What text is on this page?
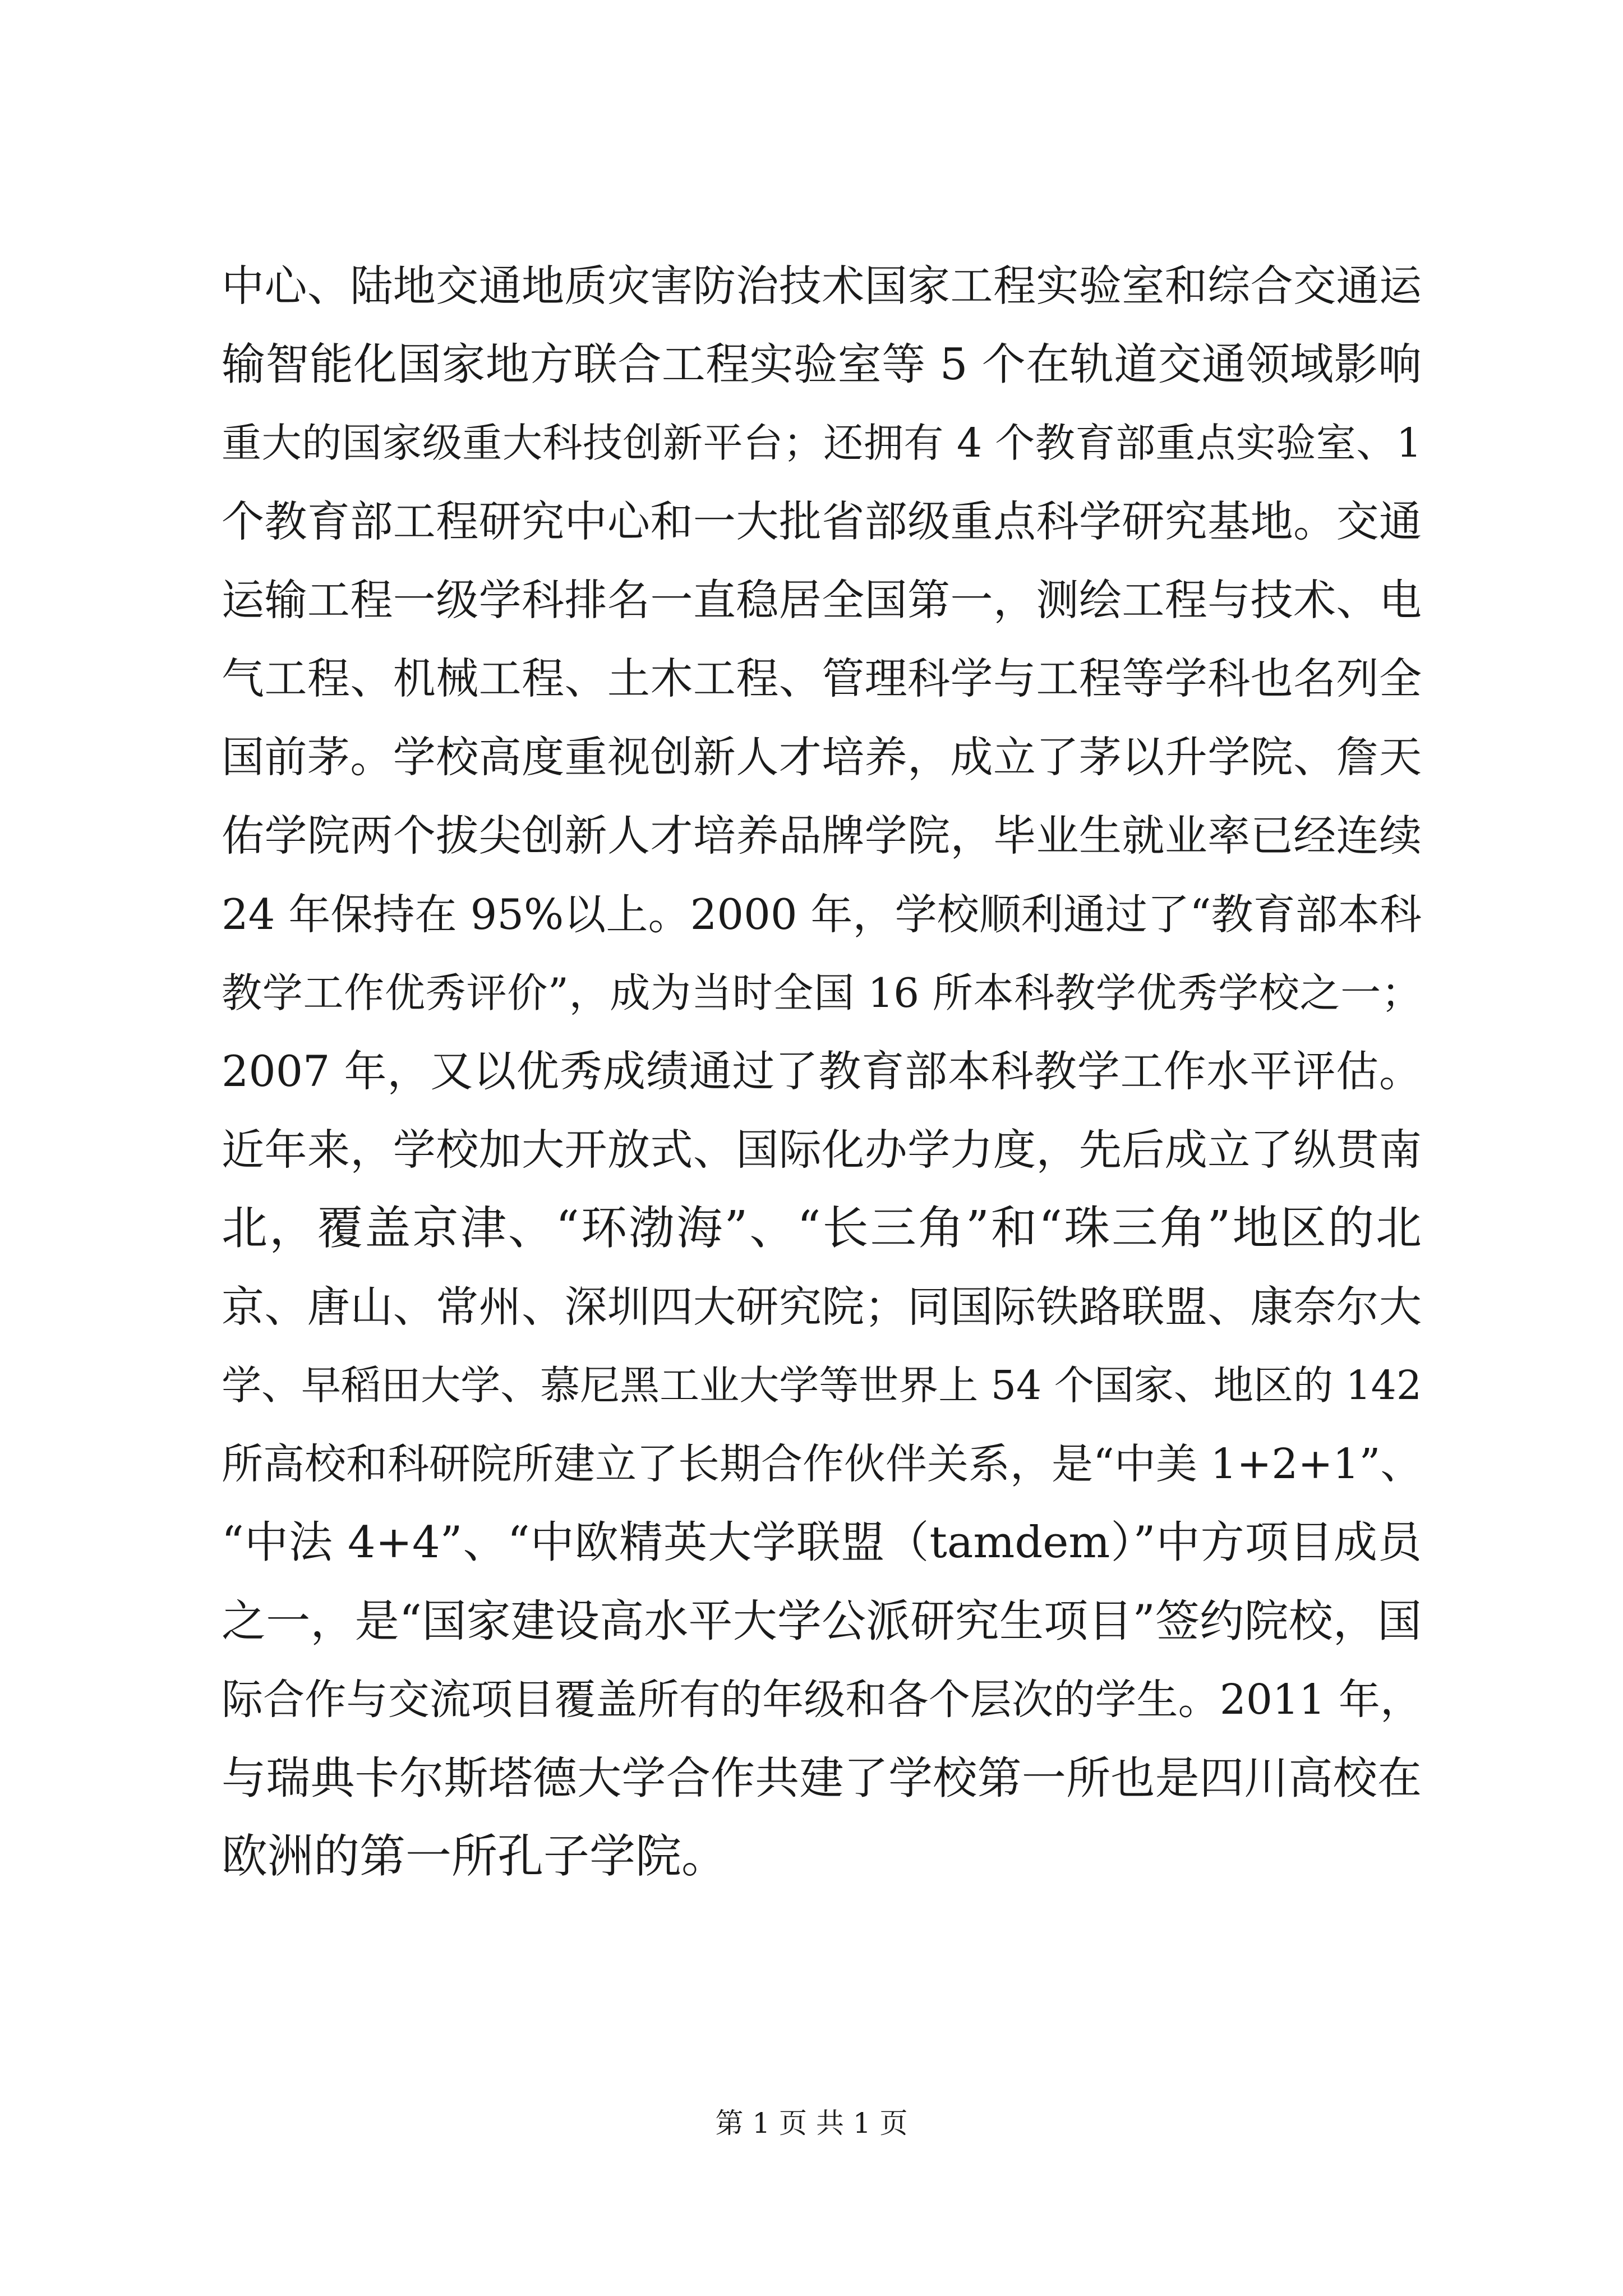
中心、陆地交通地质灾害防治技术国家工程实验室和综合交通运
输智能化国家地方联合工程实验室等 5 个在轨道交通领域影响
重大的国家级重大科技创新平台；还拥有 4 个教育部重点实验室、1
个教育部工程研究中心和一大批省部级重点科学研究基地。交通
运输工程一级学科排名一直稳居全国第一，测绘工程与技术、电
气工程、机械工程、土木工程、管理科学与工程等学科也名列全
国前茅。学校高度重视创新人才培养，成立了茅以升学院、詹天
佑学院两个拔尖创新人才培养品牌学院，毕业生就业率已经连续
24 年保持在 95%以上。2000 年，学校顺利通过了“教育部本科
教学工作优秀评价”，成为当时全国 16 所本科教学优秀学校之一；
2007 年，又以优秀成绩通过了教育部本科教学工作水平评估。
近年来，学校加大开放式、国际化办学力度，先后成立了纵贯南
北，覆盖京津、“环渤海”、“长三角”和“珠三角”地区的北
京、唐山、常州、深圳四大研究院；同国际铁路联盟、康奈尔大
学、早稻田大学、慕尼黑工业大学等世界上 54 个国家、地区的 142
所高校和科研院所建立了长期合作伙伴关系，是“中美 1+2+1”、
“中法 4+4”、“中欧精英大学联盟（tamdem）”中方项目成员
之一，是“国家建设高水平大学公派研究生项目”签约院校，国
际合作与交流项目覆盖所有的年级和各个层次的学生。2011 年，
与瑞典卡尔斯塔德大学合作共建了学校第一所也是四川高校在
欧洲的第一所孔子学院。
第 1 页 共 1 页
